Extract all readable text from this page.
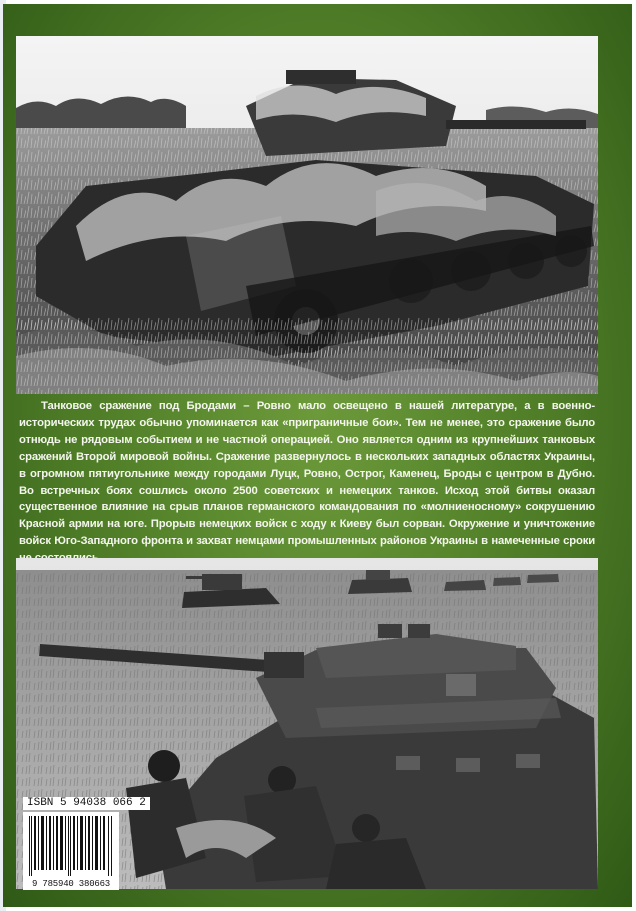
Танковое сражение под Бродами – Ровно мало освещено в нашей литературе, а в военно-исторических трудах обычно упоминается как «приграничные бои». Тем не менее, это сражение было отнюдь не рядовым событием и не частной операцией. Оно является одним из крупнейших танковых сражений Второй мировой войны. Сражение развернулось в нескольких западных областях Украины, в огромном пятиугольнике между городами Луцк, Ровно, Острог, Каменец, Броды с центром в Дубно. Во встречных боях сошлись около 2500 советских и немецких танков. Исход этой битвы оказал существенное влияние на срыв планов германского командования по «молниеносному» сокрушению Красной армии на юге. Прорыв немецких войск с ходу к Киеву был сорван. Окружение и уничтожение войск Юго-Западного фронта и захват немцами промышленных районов Украины в намеченные сроки

ISBN 5 94038 066 2
9 785940 380663
